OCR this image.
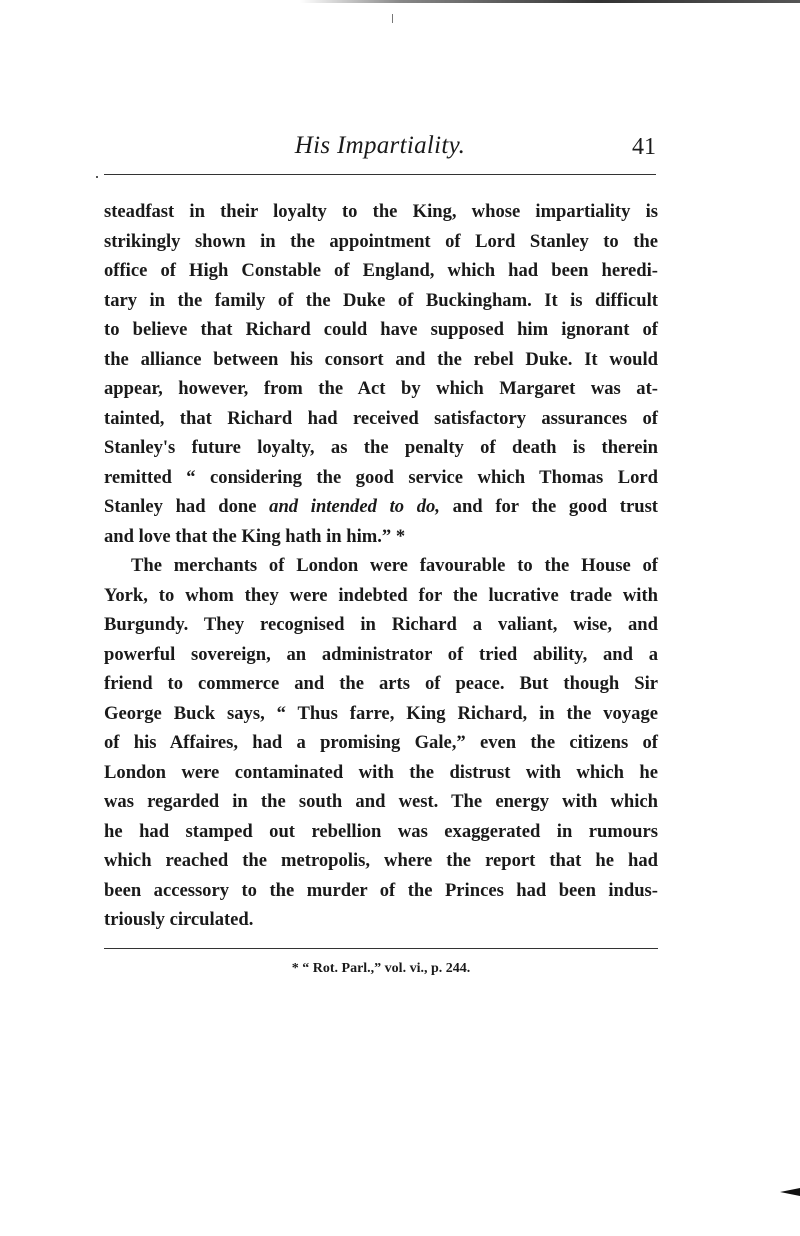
His Impartiality.	41
steadfast in their loyalty to the King, whose impartiality is
strikingly shown in the appointment of Lord Stanley to the
office of High Constable of England, which had been heredi-
tary in the family of the Duke of Buckingham. It is difficult
to believe that Richard could have supposed him ignorant of
the alliance between his consort and the rebel Duke. It would
appear, however, from the Act by which Margaret was at-
tainted, that Richard had received satisfactory assurances of
Stanley's future loyalty, as the penalty of death is therein
remitted “ considering the good service which Thomas Lord
Stanley had done and intended to do, and for the good trust
and love that the King hath in him.” *
The merchants of London were favourable to the House of
York, to whom they were indebted for the lucrative trade with
Burgundy. They recognised in Richard a valiant, wise, and
powerful sovereign, an administrator of tried ability, and a
friend to commerce and the arts of peace. But though Sir
George Buck says, “ Thus farre, King Richard, in the voyage
of his Affaires, had a promising Gale,” even the citizens of
London were contaminated with the distrust with which he
was regarded in the south and west. The energy with which
he had stamped out rebellion was exaggerated in rumours
which reached the metropolis, where the report that he had
been accessory to the murder of the Princes had been indus-
triously circulated.
* “ Rot. Parl.,” vol. vi., p. 244.
